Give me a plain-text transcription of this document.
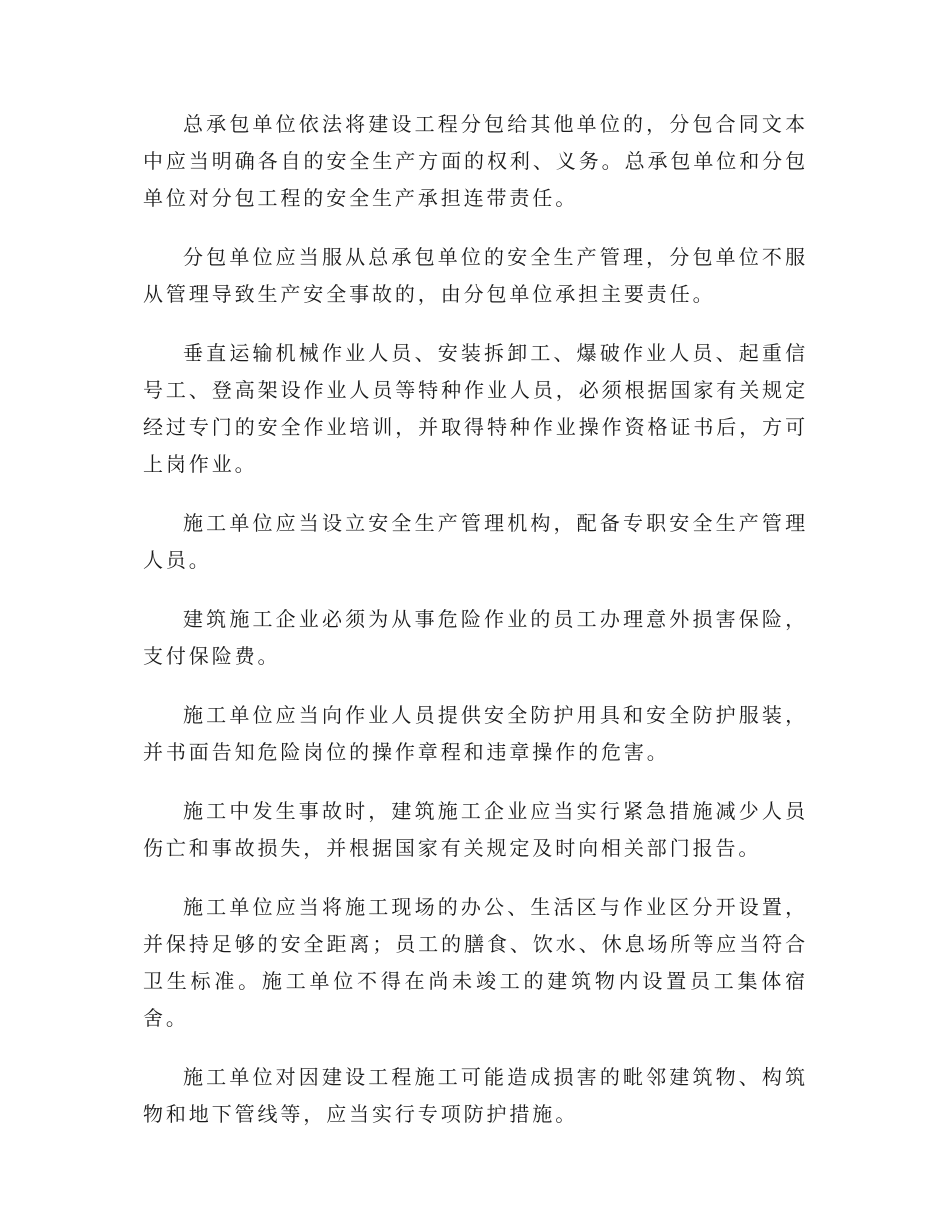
总承包单位依法将建设工程分包给其他单位的，分包合同文本中应当明确各自的安全生产方面的权利、义务。总承包单位和分包单位对分包工程的安全生产承担连带责任。

分包单位应当服从总承包单位的安全生产管理，分包单位不服从管理导致生产安全事故的，由分包单位承担主要责任。

垂直运输机械作业人员、安装拆卸工、爆破作业人员、起重信号工、登高架设作业人员等特种作业人员，必须根据国家有关规定经过专门的安全作业培训，并取得特种作业操作资格证书后，方可上岗作业。

施工单位应当设立安全生产管理机构，配备专职安全生产管理人员。

建筑施工企业必须为从事危险作业的员工办理意外损害保险，支付保险费。

施工单位应当向作业人员提供安全防护用具和安全防护服装，并书面告知危险岗位的操作章程和违章操作的危害。

施工中发生事故时，建筑施工企业应当实行紧急措施减少人员伤亡和事故损失，并根据国家有关规定及时向相关部门报告。

施工单位应当将施工现场的办公、生活区与作业区分开设置，并保持足够的安全距离；员工的膳食、饮水、休息场所等应当符合卫生标准。施工单位不得在尚未竣工的建筑物内设置员工集体宿舍。

施工单位对因建设工程施工可能造成损害的毗邻建筑物、构筑物和地下管线等，应当实行专项防护措施。
